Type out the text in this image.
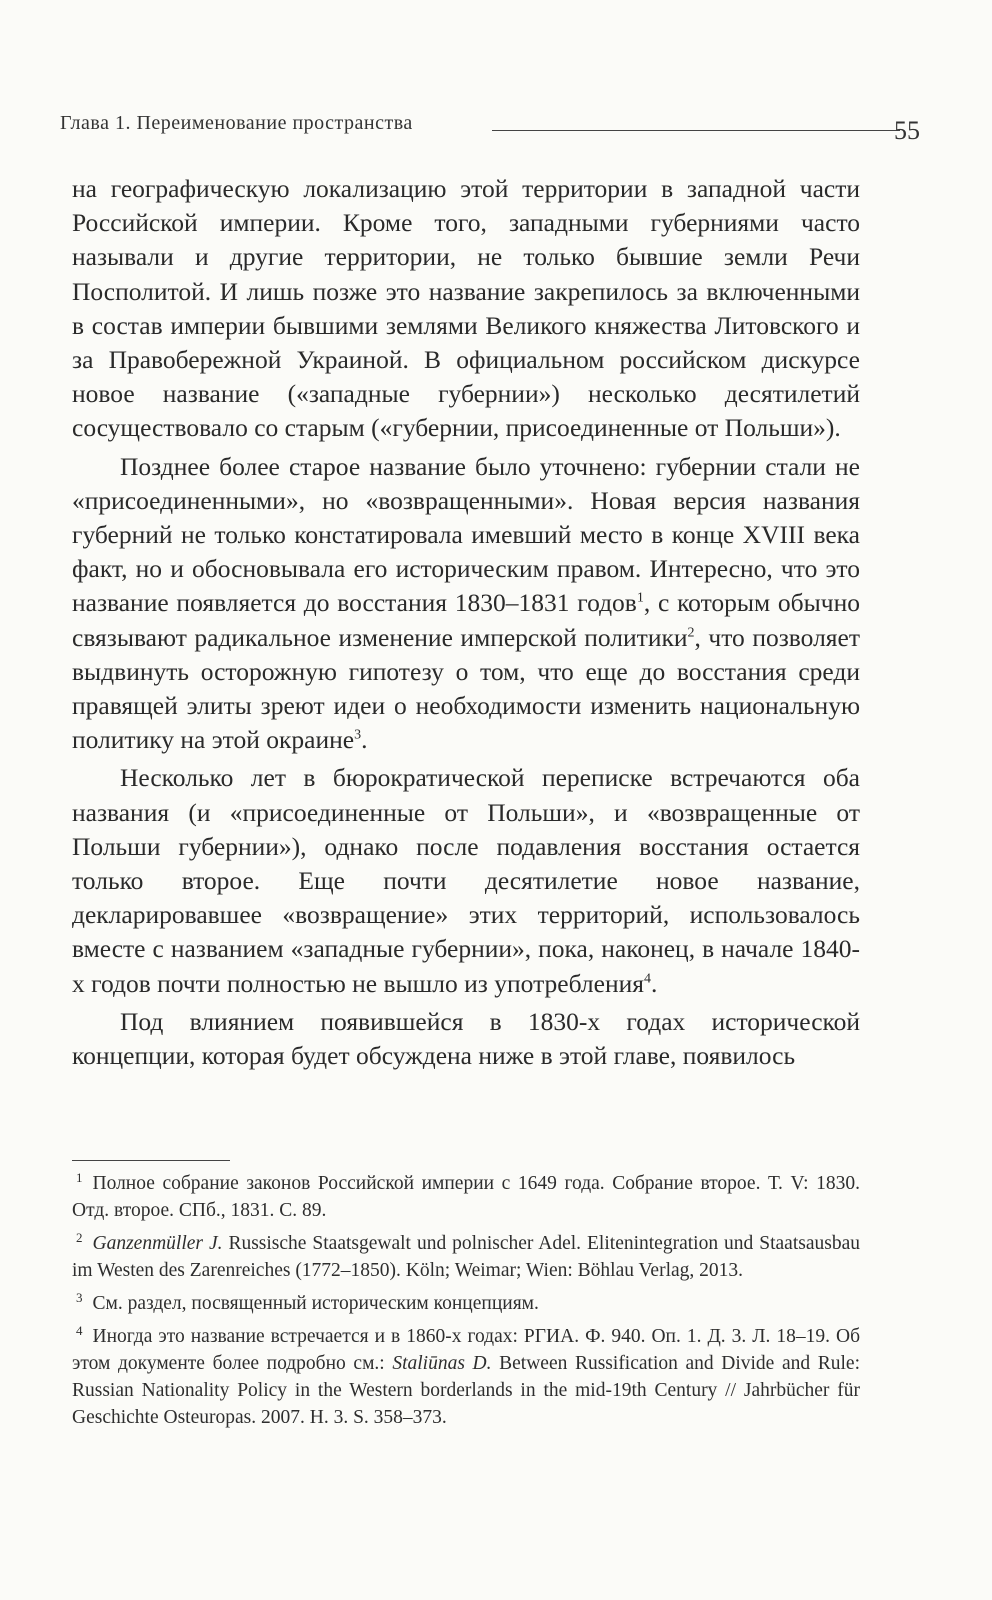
Глава 1. Переименование пространства	55

на географическую локализацию этой территории в западной части Российской империи. Кроме того, западными губерниями часто называли и другие территории, не только бывшие земли Речи Посполитой. И лишь позже это название закрепилось за включенными в состав империи бывшими землями Великого княжества Литовского и за Правобережной Украиной. В официальном российском дискурсе новое название («западные губернии») несколько десятилетий сосуществовало со старым («губернии, присоединенные от Польши»).

Позднее более старое название было уточнено: губернии стали не «присоединенными», но «возвращенными». Новая версия названия губерний не только констатировала имевший место в конце XVIII века факт, но и обосновывала его историческим правом. Интересно, что это название появляется до восстания 1830–1831 годов$^1$, с которым обычно связывают радикальное изменение имперской политики$^2$, что позволяет выдвинуть осторожную гипотезу о том, что еще до восстания среди правящей элиты зреют идеи о необходимости изменить национальную политику на этой окраине$^3$.

Несколько лет в бюрократической переписке встречаются оба названия (и «присоединенные от Польши», и «возвращенные от Польши губернии»), однако после подавления восстания остается только второе. Еще почти десятилетие новое название, декларировавшее «возвращение» этих территорий, использовалось вместе с названием «западные губернии», пока, наконец, в начале 1840-х годов почти полностью не вышло из употребления$^4$.

Под влиянием появившейся в 1830-х годах исторической концепции, которая будет обсуждена ниже в этой главе, появилось

$^1$ Полное собрание законов Российской империи с 1649 года. Собрание второе. Т. V: 1830. Отд. второе. СПб., 1831. С. 89.

$^2$ Ganzenmüller J. Russische Staatsgewalt und polnischer Adel. Elitenintegration und Staatsausbau im Westen des Zarenreiches (1772–1850). Köln; Weimar; Wien: Böhlau Verlag, 2013.

$^3$ См. раздел, посвященный историческим концепциям.

$^4$ Иногда это название встречается и в 1860-х годах: РГИА. Ф. 940. Оп. 1. Д. 3. Л. 18–19. Об этом документе более подробно см.: Staliūnas D. Between Russification and Divide and Rule: Russian Nationality Policy in the Western borderlands in the mid-19th Century // Jahrbücher für Geschichte Osteuropas. 2007. H. 3. S. 358–373.
